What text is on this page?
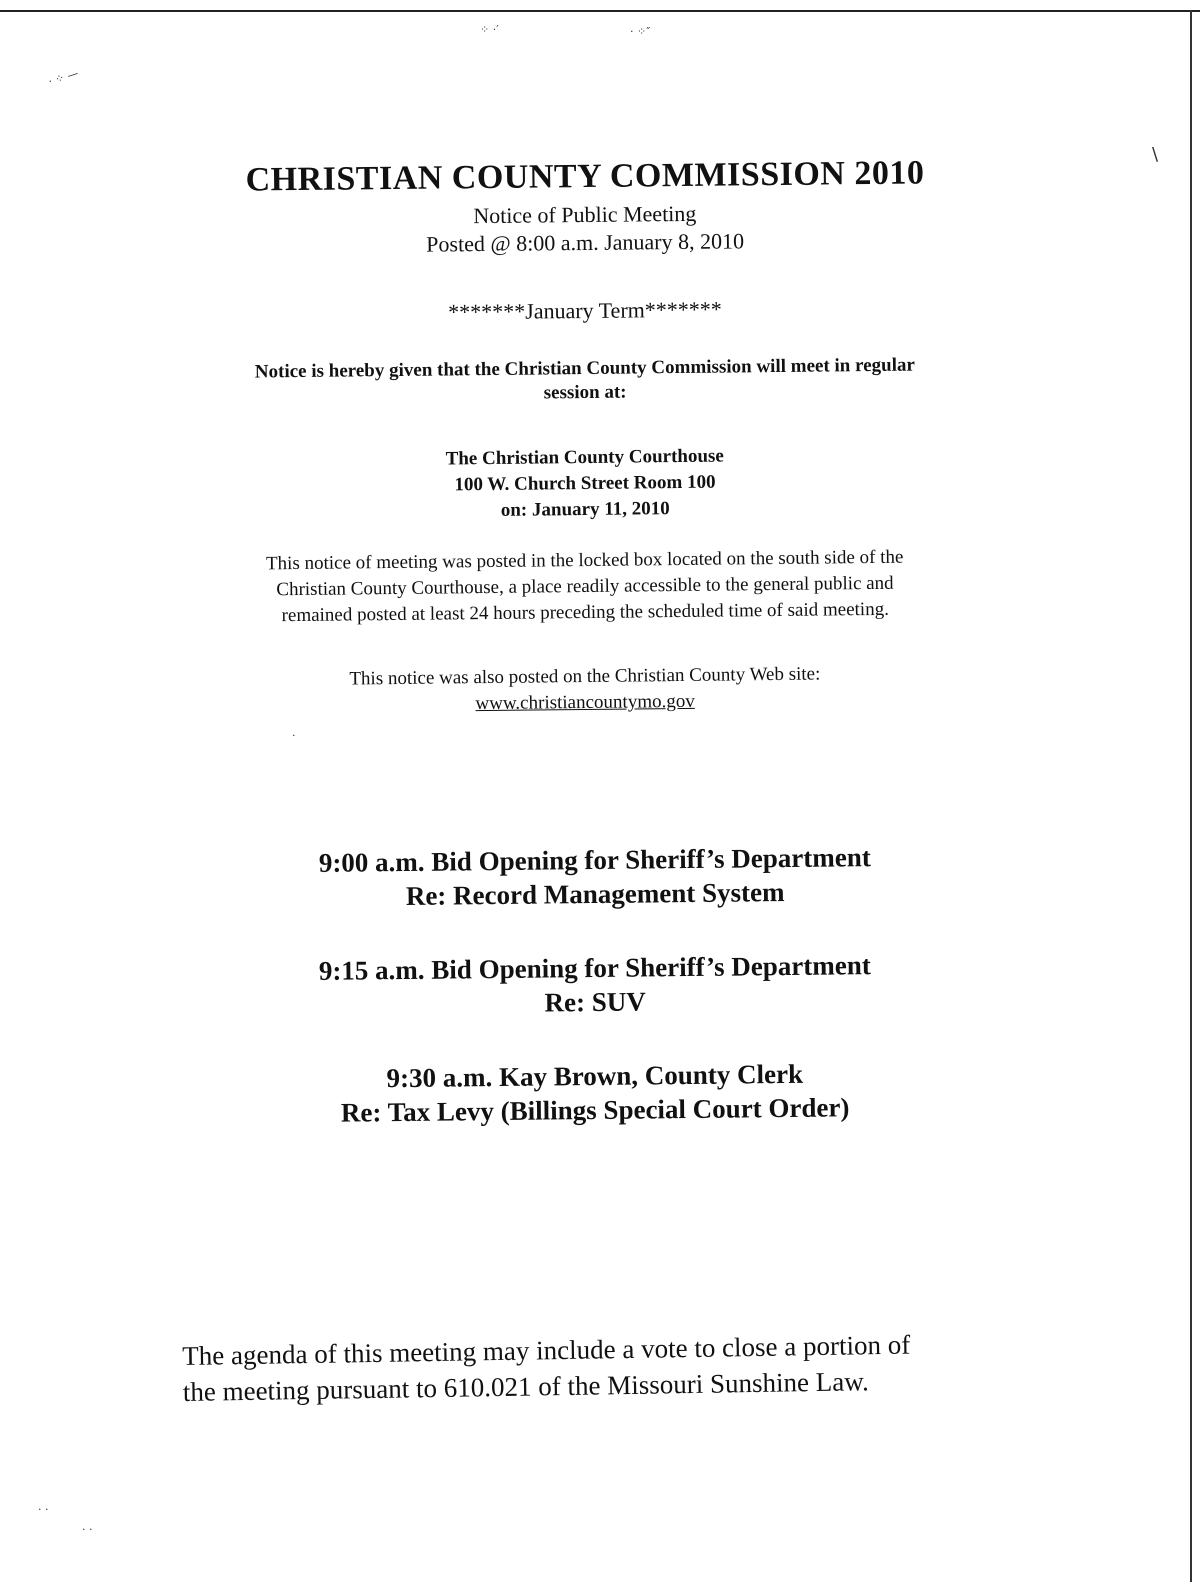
⁘ ‧′	‧ ⁘″
‧ ⁘ —
\
‧
‧ ‧
‧ ‧
CHRISTIAN COUNTY COMMISSION 2010
Notice of Public Meeting
Posted @ 8:00 a.m. January 8, 2010
*******January Term*******
Notice is hereby given that the Christian County Commission will meet in regular
session at:
The Christian County Courthouse
100 W. Church Street Room 100
on: January 11, 2010
This notice of meeting was posted in the locked box located on the south side of the
Christian County Courthouse, a place readily accessible to the general public and
remained posted at least 24 hours preceding the scheduled time of said meeting.
This notice was also posted on the Christian County Web site:
www.christiancountymo.gov
9:00 a.m. Bid Opening for Sheriff’s Department
Re: Record Management System
9:15 a.m. Bid Opening for Sheriff’s Department
Re: SUV
9:30 a.m. Kay Brown, County Clerk
Re: Tax Levy (Billings Special Court Order)
The agenda of this meeting may include a vote to close a portion of
the meeting pursuant to 610.021 of the Missouri Sunshine Law.
